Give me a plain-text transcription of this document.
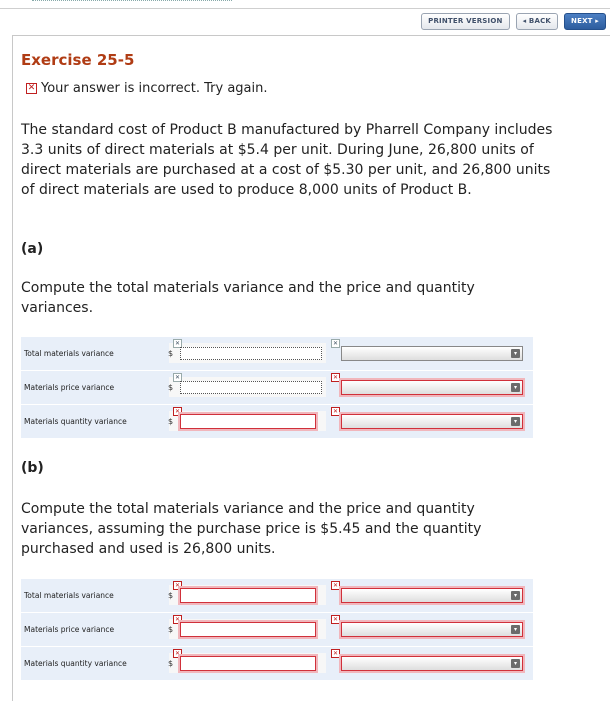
PRINTER VERSION	◂ BACK	NEXT ▸
Exercise 25-5
✕ Your answer is incorrect. Try again.
The standard cost of Product B manufactured by Pharrell Company includes 3.3 units of direct materials at $5.4 per unit. During June, 26,800 units of direct materials are purchased at a cost of $5.30 per unit, and 26,800 units of direct materials are used to produce 8,000 units of Product B.
(a)
Compute the total materials variance and the price and quantity variances.
Total materials variance
✕
$
✕
▾
Materials price variance
✕
$
✕
▾
Materials quantity variance
✕
$
✕
▾
(b)
Compute the total materials variance and the price and quantity variances, assuming the purchase price is $5.45 and the quantity purchased and used is 26,800 units.
Total materials variance
✕
$
✕
▾
Materials price variance
✕
$
✕
▾
Materials quantity variance
✕
$
✕
▾
